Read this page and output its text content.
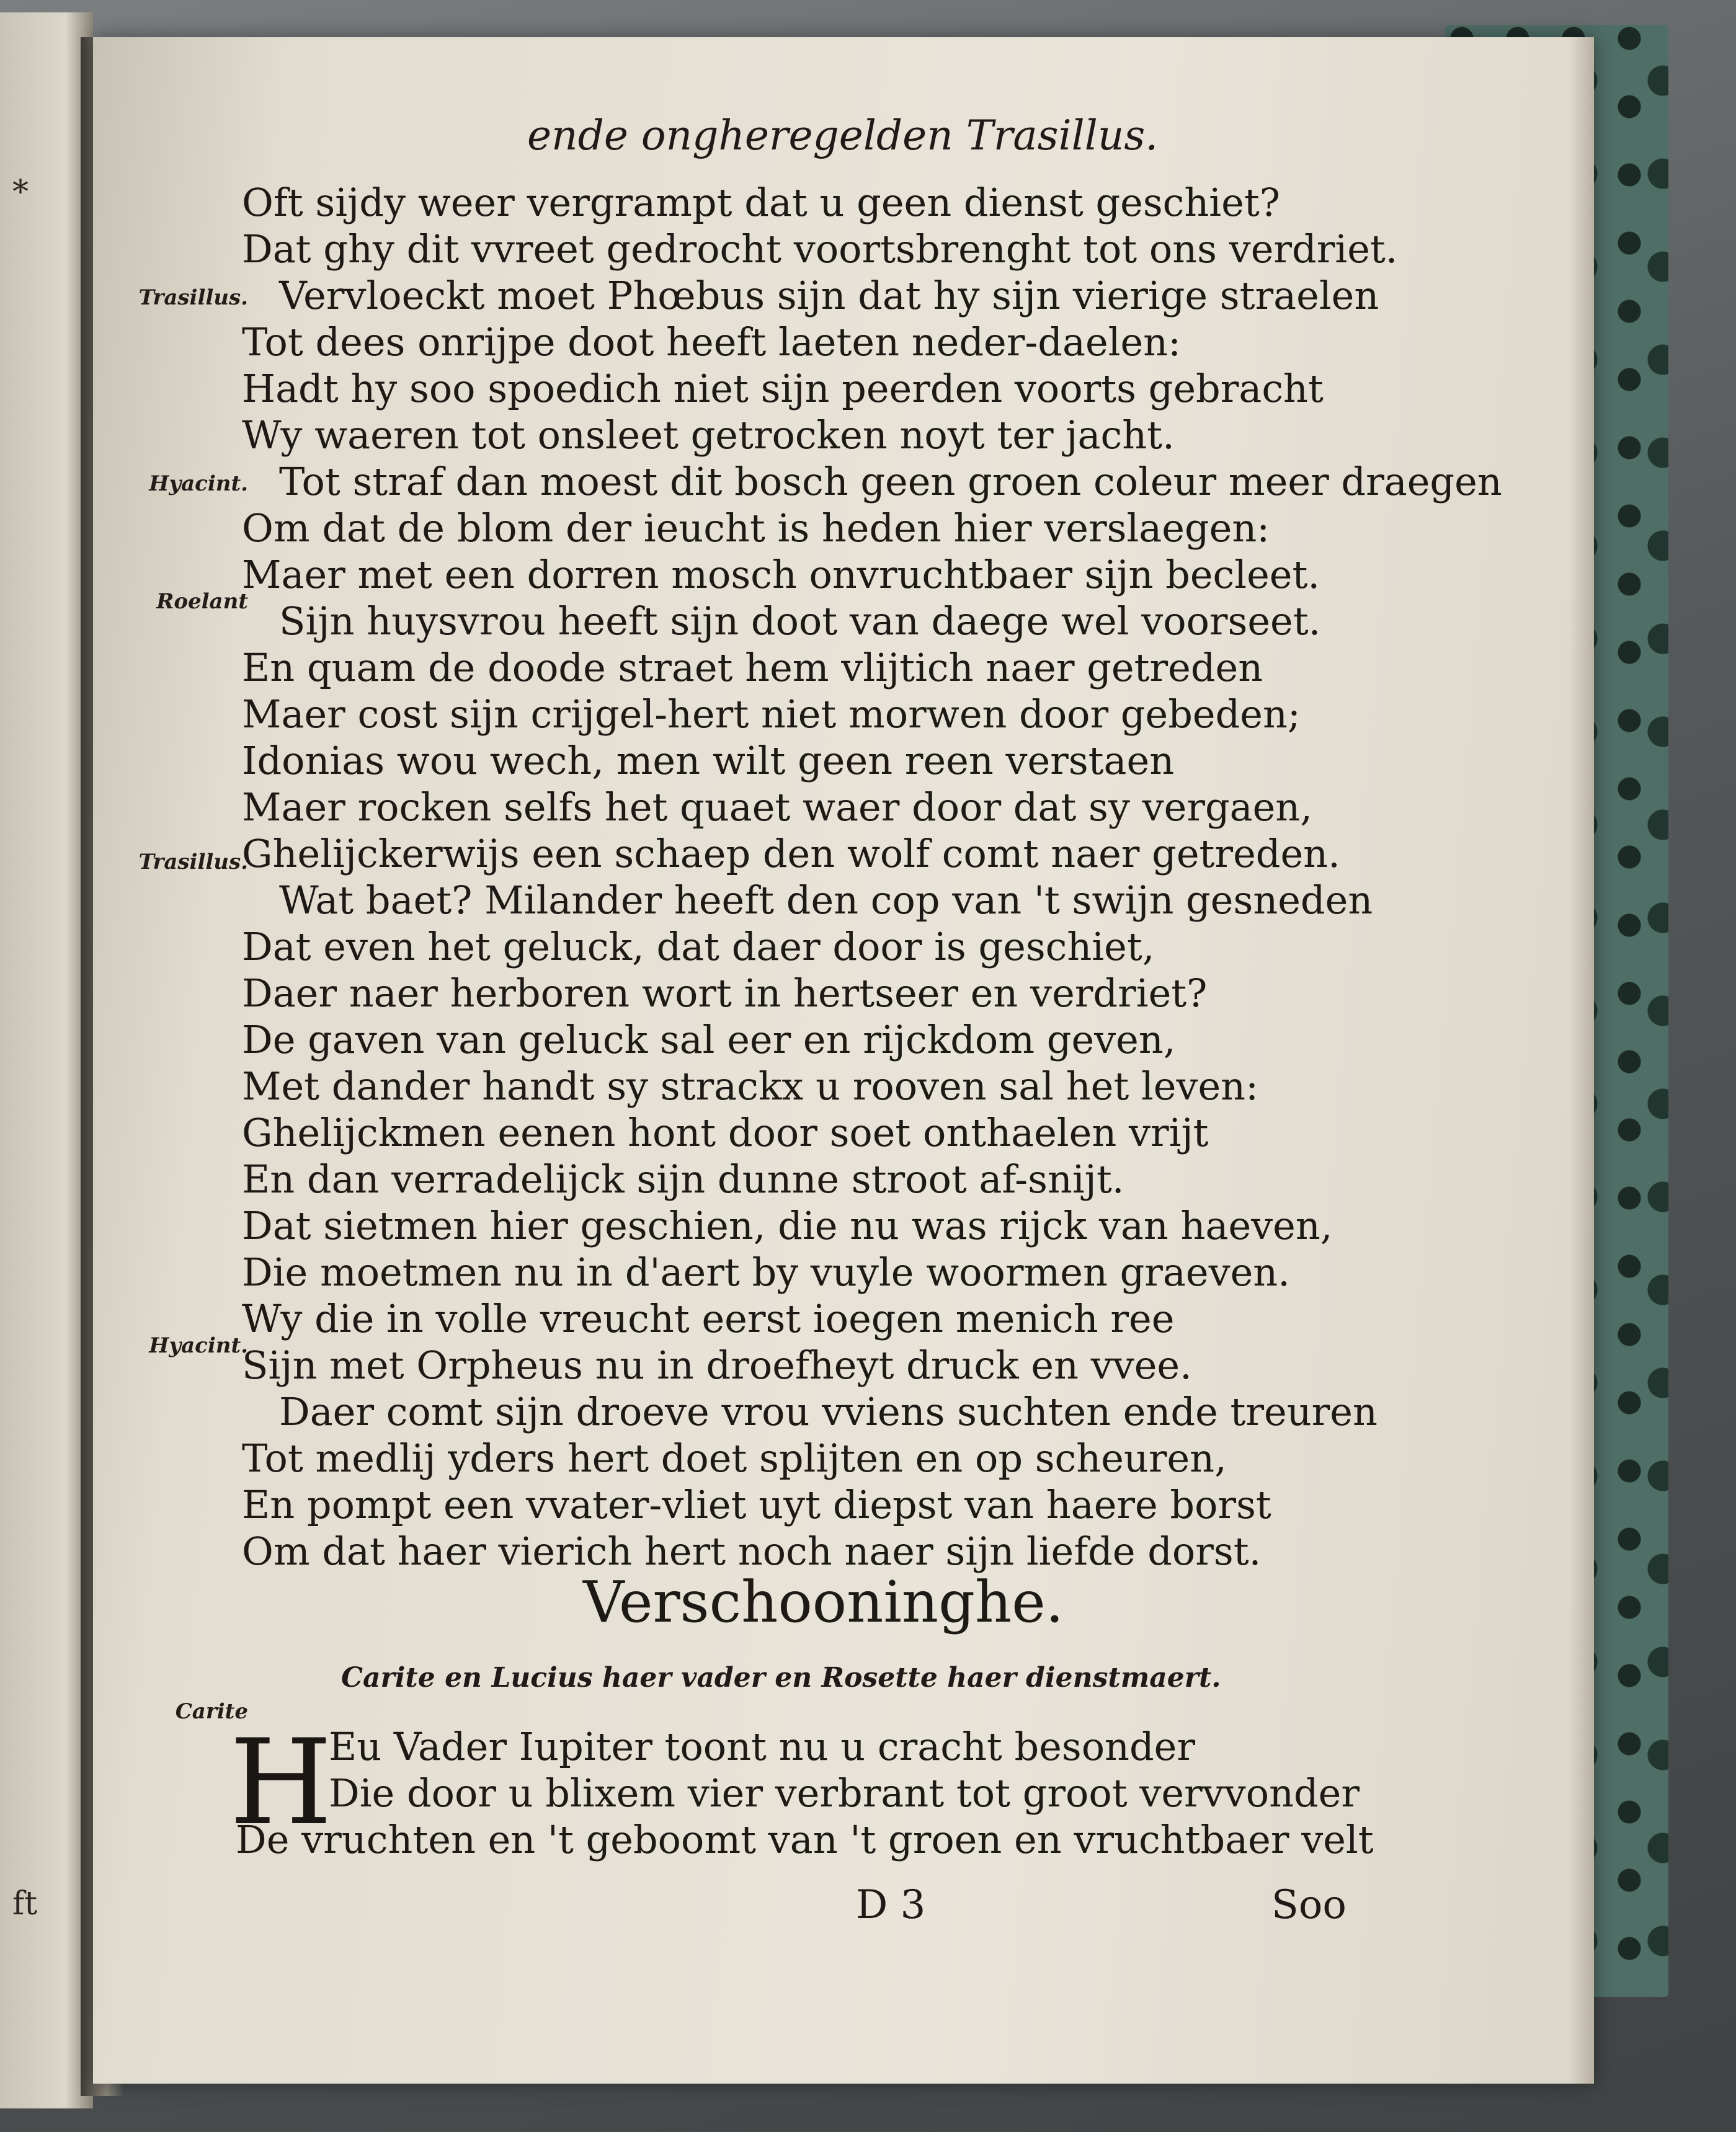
*
ft
ende ongheregelden Trasillus.
Trasillus.
Hyacint.
Roelant
Trasillus.
Hyacint.
Carite
Oft sijdy weer vergrampt dat u geen dienst geschiet?
Dat ghy dit vvreet gedrocht voortsbrenght tot ons verdriet.
Vervloeckt moet Phœbus sijn dat hy sijn vierige straelen
Tot dees onrijpe doot heeft laeten neder-daelen:
Hadt hy soo spoedich niet sijn peerden voorts gebracht
Wy waeren tot onsleet getrocken noyt ter jacht.
Tot straf dan moest dit bosch geen groen coleur meer draegen
Om dat de blom der ieucht is heden hier verslaegen:
Maer met een dorren mosch onvruchtbaer sijn becleet.
Sijn huysvrou heeft sijn doot van daege wel voorseet.
En quam de doode straet hem vlijtich naer getreden
Maer cost sijn crijgel-hert niet morwen door gebeden;
Idonias wou wech, men wilt geen reen verstaen
Maer rocken selfs het quaet waer door dat sy vergaen,
Ghelijckerwijs een schaep den wolf comt naer getreden.
Wat baet? Milander heeft den cop van 't swijn gesneden
Dat even het geluck, dat daer door is geschiet,
Daer naer herboren wort in hertseer en verdriet?
De gaven van geluck sal eer en rijckdom geven,
Met dander handt sy strackx u rooven sal het leven:
Ghelijckmen eenen hont door soet onthaelen vrijt
En dan verradelijck sijn dunne stroot af-snijt.
Dat sietmen hier geschien, die nu was rijck van haeven,
Die moetmen nu in d'aert by vuyle woormen graeven.
Wy die in volle vreucht eerst ioegen menich ree
Sijn met Orpheus nu in droefheyt druck en vvee.
Daer comt sijn droeve vrou vviens suchten ende treuren
Tot medlij yders hert doet splijten en op scheuren,
En pompt een vvater-vliet uyt diepst van haere borst
Om dat haer vierich hert noch naer sijn liefde dorst.
Verschooninghe.
Carite en Lucius haer vader en Rosette haer dienstmaert.
H
Eu Vader Iupiter toont nu u cracht besonder
Die door u blixem vier verbrant tot groot vervvonder
De vruchten en 't geboomt van 't groen en vruchtbaer velt
D 3	Soo
